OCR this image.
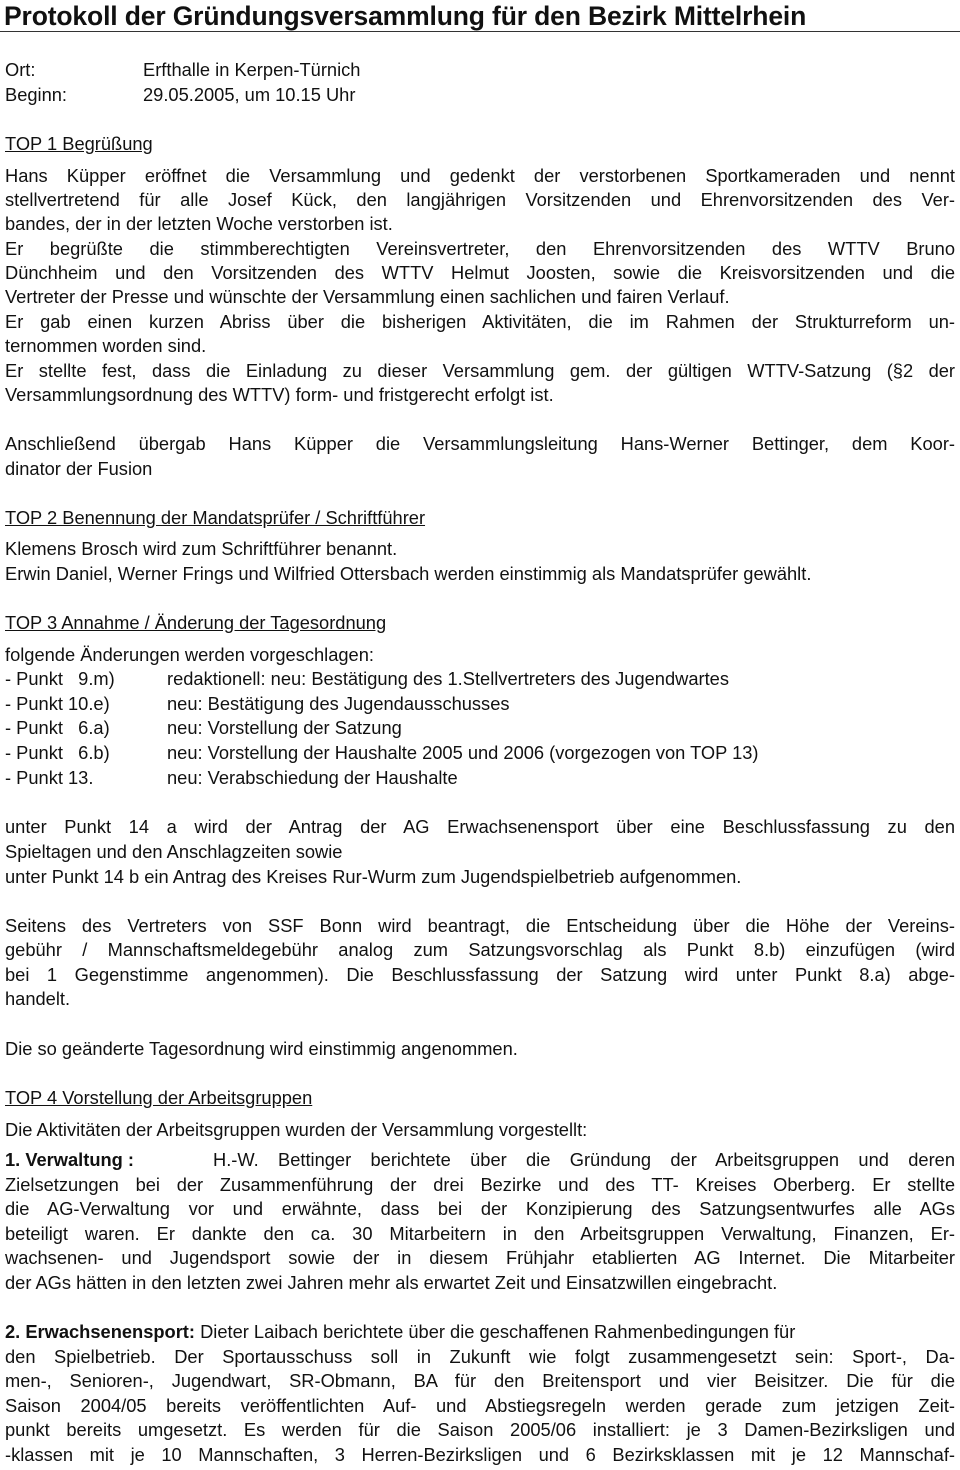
Protokoll der Gründungsversammlung für den Bezirk Mittelrhein
Ort:	Erfthalle in Kerpen-Türnich
Beginn:	29.05.2005, um 10.15 Uhr
TOP 1 Begrüßung
Hans Küpper eröffnet die Versammlung und gedenkt der verstorbenen Sportkameraden und nennt
stellvertretend für alle Josef Kück, den langjährigen Vorsitzenden und Ehrenvorsitzenden des Ver-
bandes, der in der letzten Woche verstorben ist.
Er begrüßte die stimmberechtigten Vereinsvertreter, den Ehrenvorsitzenden des WTTV Bruno
Dünchheim und den Vorsitzenden des WTTV Helmut Joosten, sowie die Kreisvorsitzenden und die
Vertreter der Presse und wünschte der Versammlung einen sachlichen und fairen Verlauf.
Er gab einen kurzen Abriss über die bisherigen Aktivitäten, die im Rahmen der Strukturreform un-
ternommen worden sind.
Er stellte fest, dass die Einladung zu dieser Versammlung gem. der gültigen WTTV-Satzung (§2 der
Versammlungsordnung des WTTV) form- und fristgerecht erfolgt ist.
Anschließend übergab Hans Küpper die Versammlungsleitung Hans-Werner Bettinger, dem Koor-
dinator der Fusion
TOP 2 Benennung der Mandatsprüfer / Schriftführer
Klemens Brosch wird zum Schriftführer benannt.
Erwin Daniel, Werner Frings und Wilfried Ottersbach werden einstimmig als Mandatsprüfer gewählt.
TOP 3 Annahme / Änderung der Tagesordnung
folgende Änderungen werden vorgeschlagen:
- Punkt   9.m)	redaktionell: neu: Bestätigung des 1.Stellvertreters des Jugendwartes
- Punkt 10.e)	neu: Bestätigung des Jugendausschusses
- Punkt   6.a)	neu: Vorstellung der Satzung
- Punkt   6.b)	neu: Vorstellung der Haushalte 2005 und 2006 (vorgezogen von TOP 13)
- Punkt 13.	neu: Verabschiedung der Haushalte
unter Punkt 14 a wird der Antrag der AG Erwachsenensport über eine Beschlussfassung zu den
Spieltagen und den Anschlagzeiten sowie
unter Punkt 14 b ein Antrag des Kreises Rur-Wurm zum Jugendspielbetrieb aufgenommen.
Seitens des Vertreters von SSF Bonn wird beantragt, die Entscheidung über die Höhe der Vereins-
gebühr / Mannschaftsmeldegebühr analog zum Satzungsvorschlag als Punkt 8.b) einzufügen (wird
bei 1 Gegenstimme angenommen). Die Beschlussfassung der Satzung wird unter Punkt 8.a) abge-
handelt.
Die so geänderte Tagesordnung wird einstimmig angenommen.
TOP 4 Vorstellung der Arbeitsgruppen
Die Aktivitäten der Arbeitsgruppen wurden der Versammlung vorgestellt:
1. Verwaltung :	H.-W. Bettinger berichtete über die Gründung der Arbeitsgruppen und deren
Zielsetzungen bei der Zusammenführung der drei Bezirke und des TT- Kreises Oberberg. Er stellte
die AG-Verwaltung vor und erwähnte, dass bei der Konzipierung des Satzungsentwurfes alle AGs
beteiligt waren. Er dankte den ca. 30 Mitarbeitern in den Arbeitsgruppen Verwaltung, Finanzen, Er-
wachsenen- und Jugendsport sowie der in diesem Frühjahr etablierten AG Internet. Die Mitarbeiter
der AGs hätten in den letzten zwei Jahren mehr als erwartet Zeit und Einsatzwillen eingebracht.
2. Erwachsenensport: Dieter Laibach berichtete über die geschaffenen Rahmenbedingungen für
den Spielbetrieb. Der Sportausschuss soll in Zukunft wie folgt zusammengesetzt sein: Sport-, Da-
men-, Senioren-, Jugendwart, SR-Obmann, BA für den Breitensport und vier Beisitzer. Die für die
Saison 2004/05 bereits veröffentlichten Auf- und Abstiegsregeln werden gerade zum jetzigen Zeit-
punkt bereits umgesetzt. Es werden für die Saison 2005/06 installiert: je 3 Damen-Bezirksligen und
-klassen mit je 10 Mannschaften, 3 Herren-Bezirksligen und 6 Bezirksklassen mit je 12 Mannschaf-
